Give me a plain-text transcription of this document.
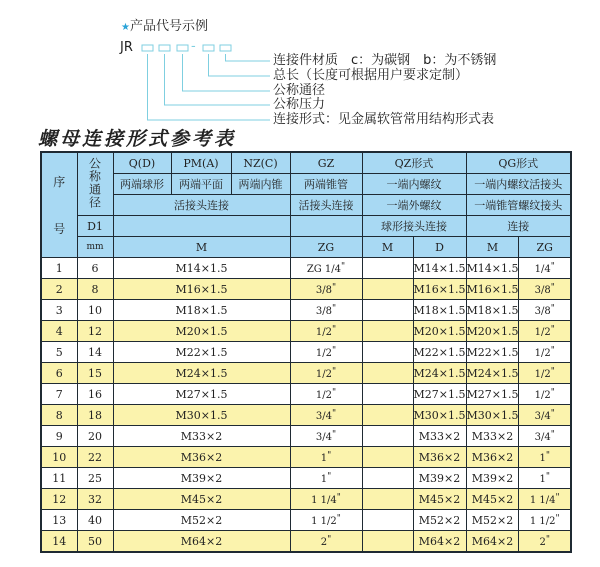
★产品代号示例
JR	-
连接件材质　c：为碳钢　b：为不锈钢
总长（长度可根据用户要求定制）
公称通径
公称压力
连接形式：见金属软管常用结构形式表
螺母连接形式参考表
序
号	公称通径	Q(D)	PM(A)	NZ(C)	GZ	QZ形式		QG形式	
		两端球形	两端平面	两端内锥	两端锥管	一端内螺纹		一端内螺纹活接头	
		活接头连接			活接头连接	一端外螺纹		一端锥管螺纹接头	
	D1					球形接头连接		连接	
	mm	M			ZG	M	D	M	ZG
1	6	M14×1.5			ZG 1/4"		M14×1.5	M14×1.5	1/4"
2	8	M16×1.5			3/8"		M16×1.5	M16×1.5	3/8"
3	10	M18×1.5			3/8"		M18×1.5	M18×1.5	3/8"
4	12	M20×1.5			1/2"		M20×1.5	M20×1.5	1/2"
5	14	M22×1.5			1/2"		M22×1.5	M22×1.5	1/2"
6	15	M24×1.5			1/2"		M24×1.5	M24×1.5	1/2"
7	16	M27×1.5			1/2"		M27×1.5	M27×1.5	1/2"
8	18	M30×1.5			3/4"		M30×1.5	M30×1.5	3/4"
9	20	M33×2			3/4"		M33×2	M33×2	3/4"
10	22	M36×2			1"		M36×2	M36×2	1"
11	25	M39×2			1"		M39×2	M39×2	1"
12	32	M45×2			1 1/4"		M45×2	M45×2	1 1/4"
13	40	M52×2			1 1/2"		M52×2	M52×2	1 1/2"
14	50	M64×2			2"		M64×2	M64×2	2"
